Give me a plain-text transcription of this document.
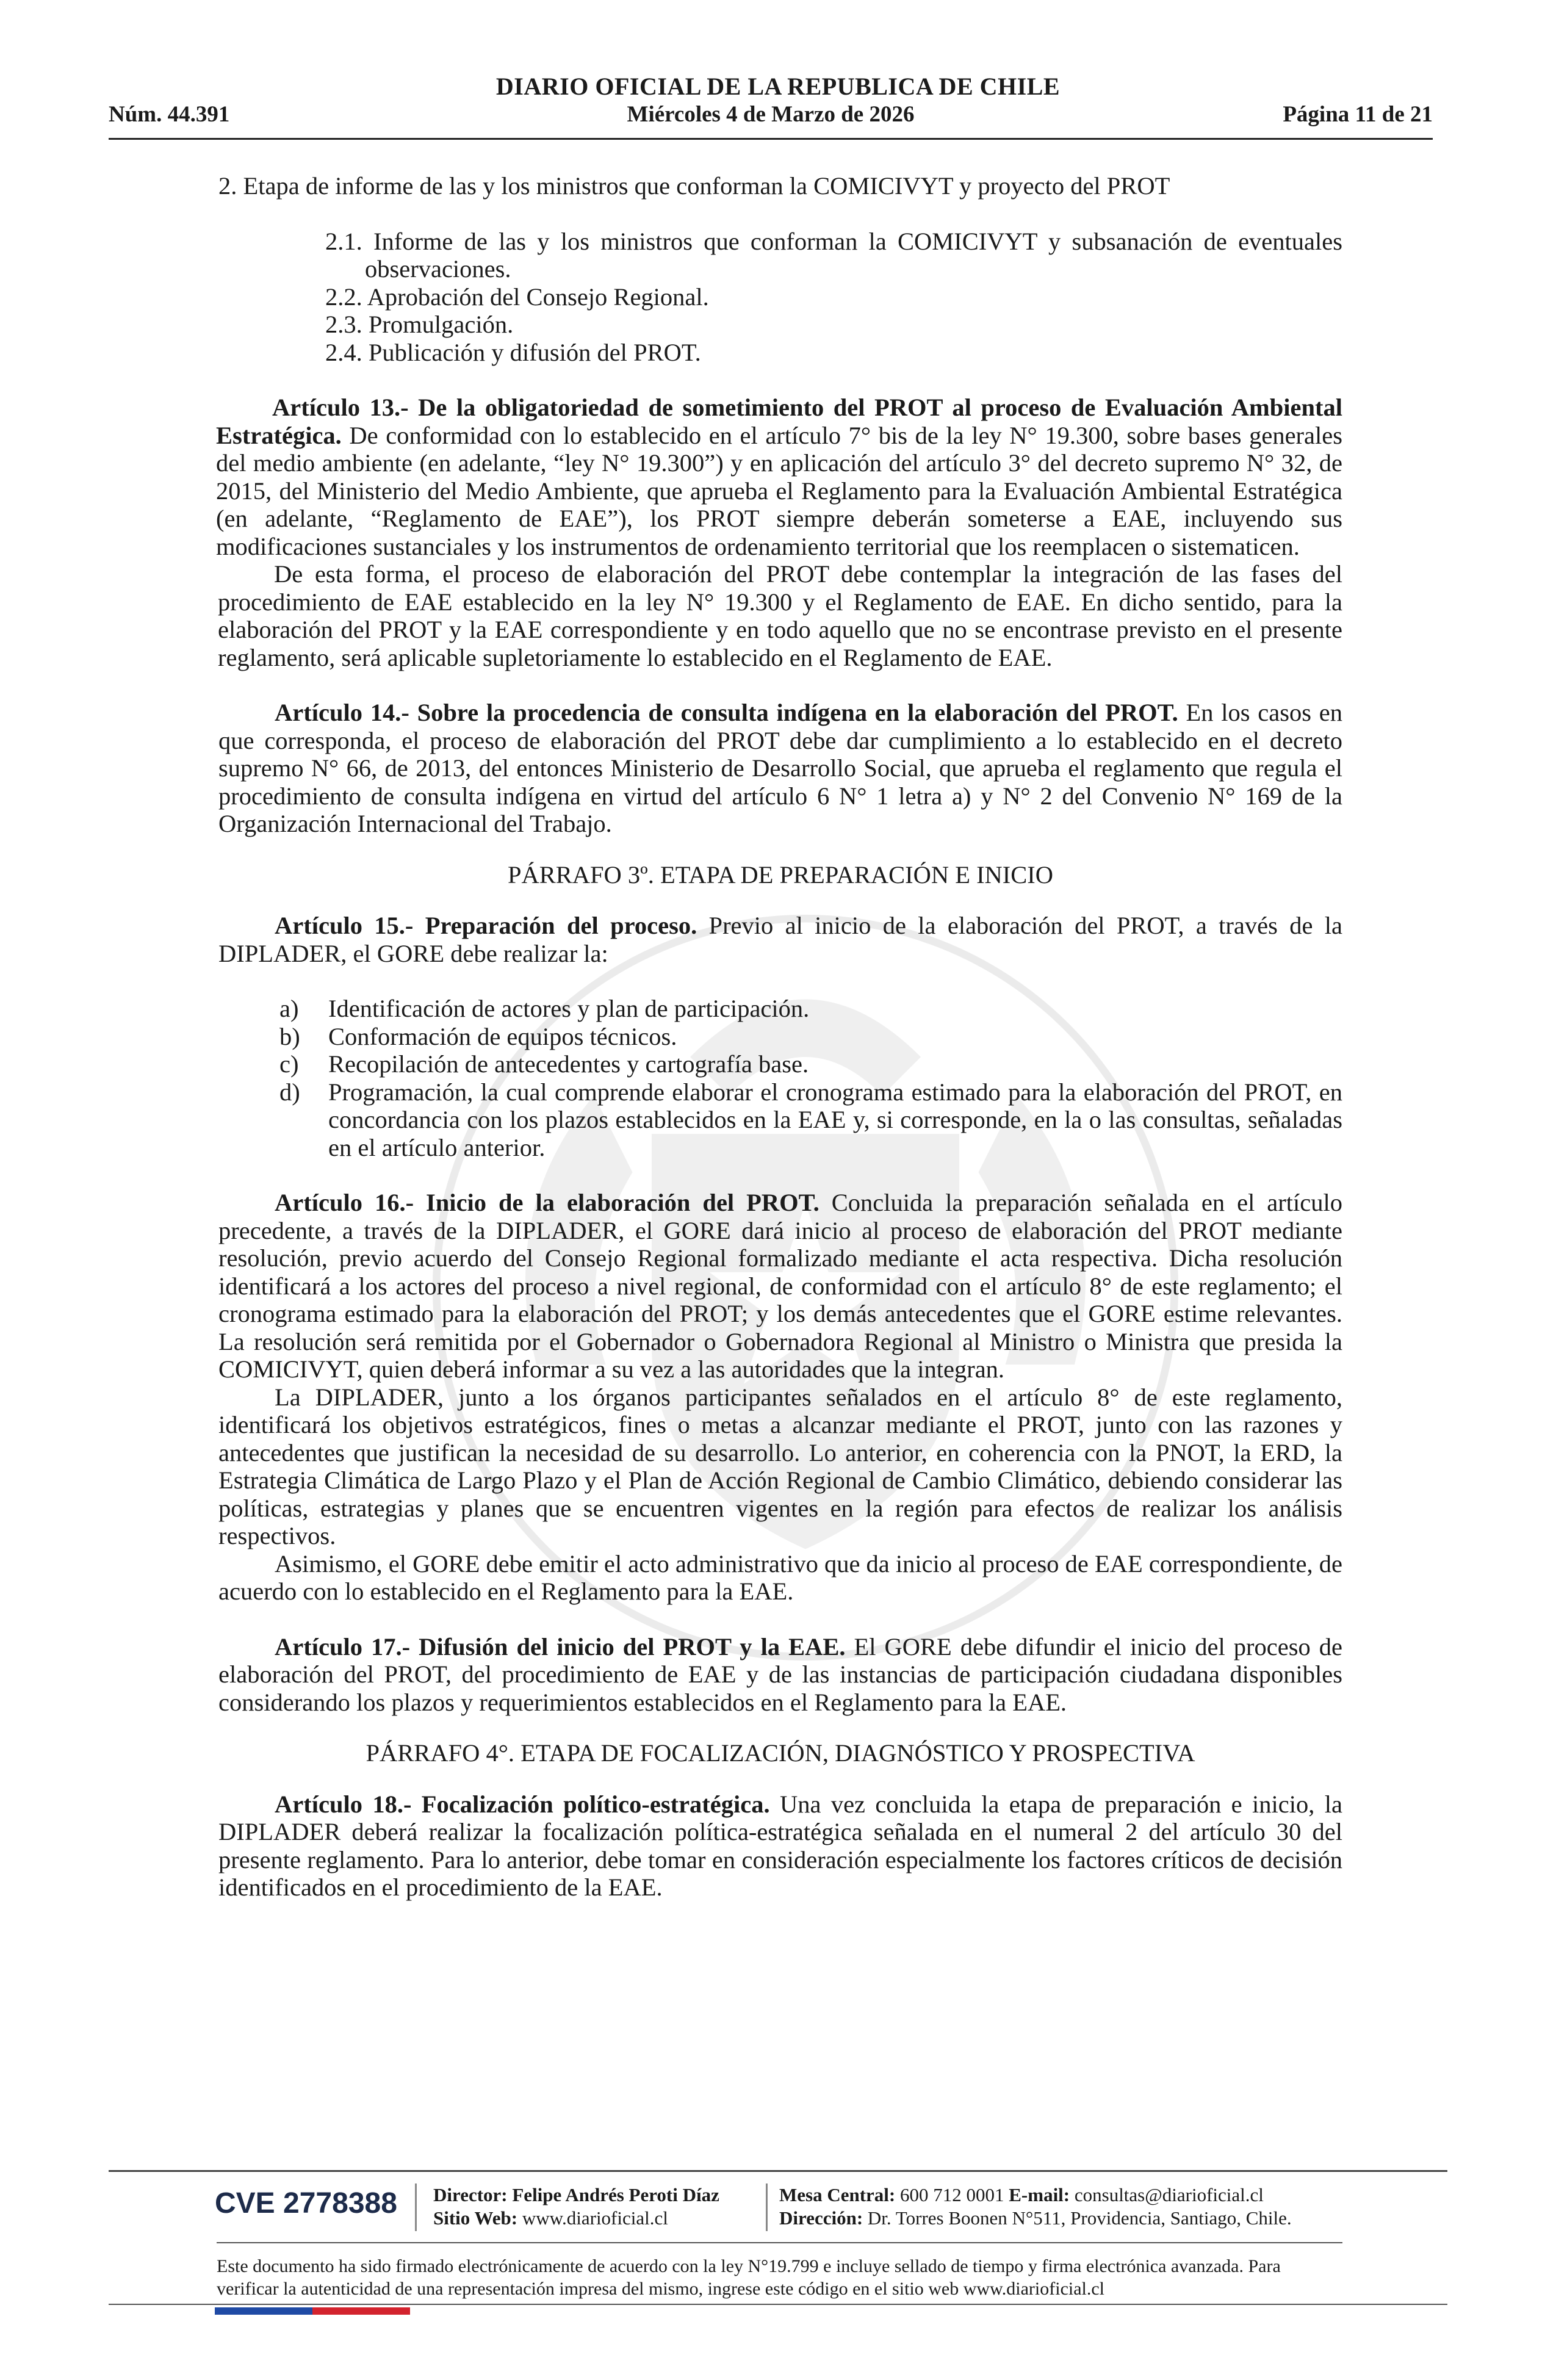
DIARIO OFICIAL DE LA REPUBLICA DE CHILE
Núm. 44.391	Miércoles 4 de Marzo de 2026	Página 11 de 21

2. Etapa de informe de las y los ministros que conforman la COMICIVYT y proyecto del PROT

2.1. Informe de las y los ministros que conforman la COMICIVYT y subsanación de eventuales observaciones.

2.2. Aprobación del Consejo Regional.

2.3. Promulgación.

2.4. Publicación y difusión del PROT.

Artículo 13.- De la obligatoriedad de sometimiento del PROT al proceso de Evaluación Ambiental Estratégica. De conformidad con lo establecido en el artículo 7° bis de la ley N° 19.300, sobre bases generales del medio ambiente (en adelante, “ley N° 19.300”) y en aplicación del artículo 3° del decreto supremo N° 32, de 2015, del Ministerio del Medio Ambiente, que aprueba el Reglamento para la Evaluación Ambiental Estratégica (en adelante, “Reglamento de EAE”), los PROT siempre deberán someterse a EAE, incluyendo sus modificaciones sustanciales y los instrumentos de ordenamiento territorial que los reemplacen o sistematicen.

De esta forma, el proceso de elaboración del PROT debe contemplar la integración de las fases del procedimiento de EAE establecido en la ley N° 19.300 y el Reglamento de EAE. En dicho sentido, para la elaboración del PROT y la EAE correspondiente y en todo aquello que no se encontrase previsto en el presente reglamento, será aplicable supletoriamente lo establecido en el Reglamento de EAE.

Artículo 14.- Sobre la procedencia de consulta indígena en la elaboración del PROT. En los casos en que corresponda, el proceso de elaboración del PROT debe dar cumplimiento a lo establecido en el decreto supremo N° 66, de 2013, del entonces Ministerio de Desarrollo Social, que aprueba el reglamento que regula el procedimiento de consulta indígena en virtud del artículo 6 N° 1 letra a) y N° 2 del Convenio N° 169 de la Organización Internacional del Trabajo.

PÁRRAFO 3º. ETAPA DE PREPARACIÓN E INICIO

Artículo 15.- Preparación del proceso. Previo al inicio de la elaboración del PROT, a través de la DIPLADER, el GORE debe realizar la:

a)	Identificación de actores y plan de participación.
b)	Conformación de equipos técnicos.
c)	Recopilación de antecedentes y cartografía base.
d)	Programación, la cual comprende elaborar el cronograma estimado para la elaboración del PROT, en concordancia con los plazos establecidos en la EAE y, si corresponde, en la o las consultas, señaladas en el artículo anterior.

Artículo 16.- Inicio de la elaboración del PROT. Concluida la preparación señalada en el artículo precedente, a través de la DIPLADER, el GORE dará inicio al proceso de elaboración del PROT mediante resolución, previo acuerdo del Consejo Regional formalizado mediante el acta respectiva. Dicha resolución identificará a los actores del proceso a nivel regional, de conformidad con el artículo 8° de este reglamento; el cronograma estimado para la elaboración del PROT; y los demás antecedentes que el GORE estime relevantes. La resolución será remitida por el Gobernador o Gobernadora Regional al Ministro o Ministra que presida la COMICIVYT, quien deberá informar a su vez a las autoridades que la integran.

La DIPLADER, junto a los órganos participantes señalados en el artículo 8° de este reglamento, identificará los objetivos estratégicos, fines o metas a alcanzar mediante el PROT, junto con las razones y antecedentes que justifican la necesidad de su desarrollo. Lo anterior, en coherencia con la PNOT, la ERD, la Estrategia Climática de Largo Plazo y el Plan de Acción Regional de Cambio Climático, debiendo considerar las políticas, estrategias y planes que se encuentren vigentes en la región para efectos de realizar los análisis respectivos.

Asimismo, el GORE debe emitir el acto administrativo que da inicio al proceso de EAE correspondiente, de acuerdo con lo establecido en el Reglamento para la EAE.

Artículo 17.- Difusión del inicio del PROT y la EAE. El GORE debe difundir el inicio del proceso de elaboración del PROT, del procedimiento de EAE y de las instancias de participación ciudadana disponibles considerando los plazos y requerimientos establecidos en el Reglamento para la EAE.

PÁRRAFO 4°. ETAPA DE FOCALIZACIÓN, DIAGNÓSTICO Y PROSPECTIVA

Artículo 18.- Focalización político-estratégica. Una vez concluida la etapa de preparación e inicio, la DIPLADER deberá realizar la focalización política-estratégica señalada en el numeral 2 del artículo 30 del presente reglamento. Para lo anterior, debe tomar en consideración especialmente los factores críticos de decisión identificados en el procedimiento de la EAE.

CVE 2778388 Director: Felipe Andrés Peroti Díaz
Sitio Web: www.diarioficial.cl
Mesa Central: 600 712 0001 E-mail: consultas@diarioficial.cl
Dirección: Dr. Torres Boonen N°511, Providencia, Santiago, Chile.
Este documento ha sido firmado electrónicamente de acuerdo con la ley N°19.799 e incluye sellado de tiempo y firma electrónica avanzada. Para verificar la autenticidad de una representación impresa del mismo, ingrese este código en el sitio web www.diarioficial.cl
